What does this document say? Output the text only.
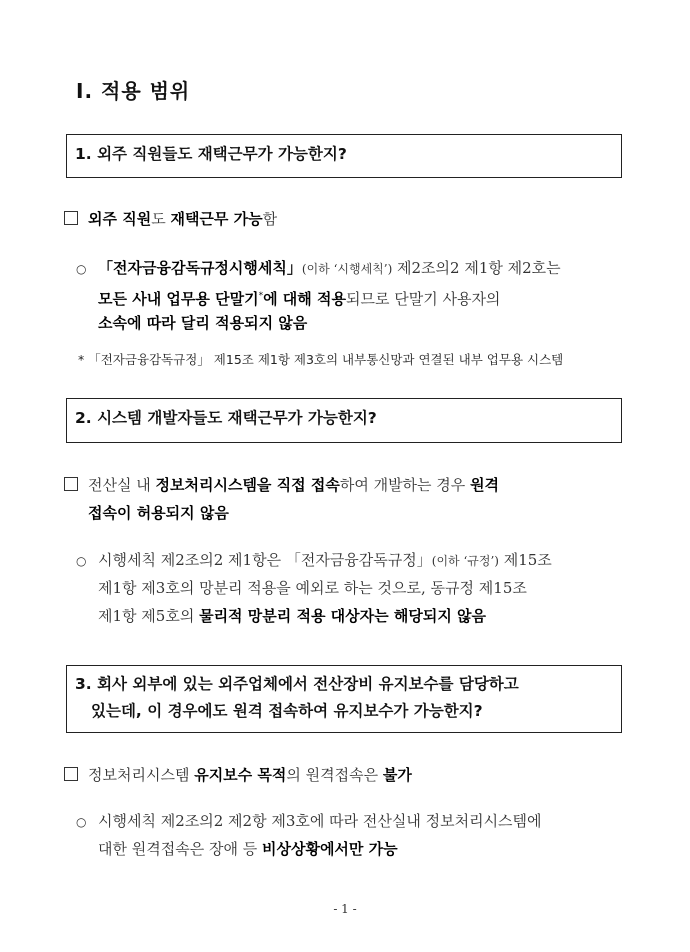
Ⅰ. 적용 범위
1. 외주 직원들도 재택근무가 가능한지?
외주 직원도 재택근무 가능함
○ 「전자금융감독규정시행세칙」(이하 ‘시행세칙’) 제2조의2 제1항 제2호는
모든 사내 업무용 단말기*에 대해 적용되므로 단말기 사용자의
소속에 따라 달리 적용되지 않음
* 「전자금융감독규정」 제15조 제1항 제3호의 내부통신망과 연결된 내부 업무용 시스템
2. 시스템 개발자들도 재택근무가 가능한지?
전산실 내 정보처리시스템을 직접 접속하여 개발하는 경우 원격
접속이 허용되지 않음
○ 시행세칙 제2조의2 제1항은 「전자금융감독규정」(이하 ‘규정’) 제15조
제1항 제3호의 망분리 적용을 예외로 하는 것으로, 동규정 제15조
제1항 제5호의 물리적 망분리 적용 대상자는 해당되지 않음
3. 회사 외부에 있는 외주업체에서 전산장비 유지보수를 담당하고
있는데, 이 경우에도 원격 접속하여 유지보수가 가능한지?
정보처리시스템 유지보수 목적의 원격접속은 불가
○ 시행세칙 제2조의2 제2항 제3호에 따라 전산실내 정보처리시스템에
대한 원격접속은 장애 등 비상상황에서만 가능
- 1 -
